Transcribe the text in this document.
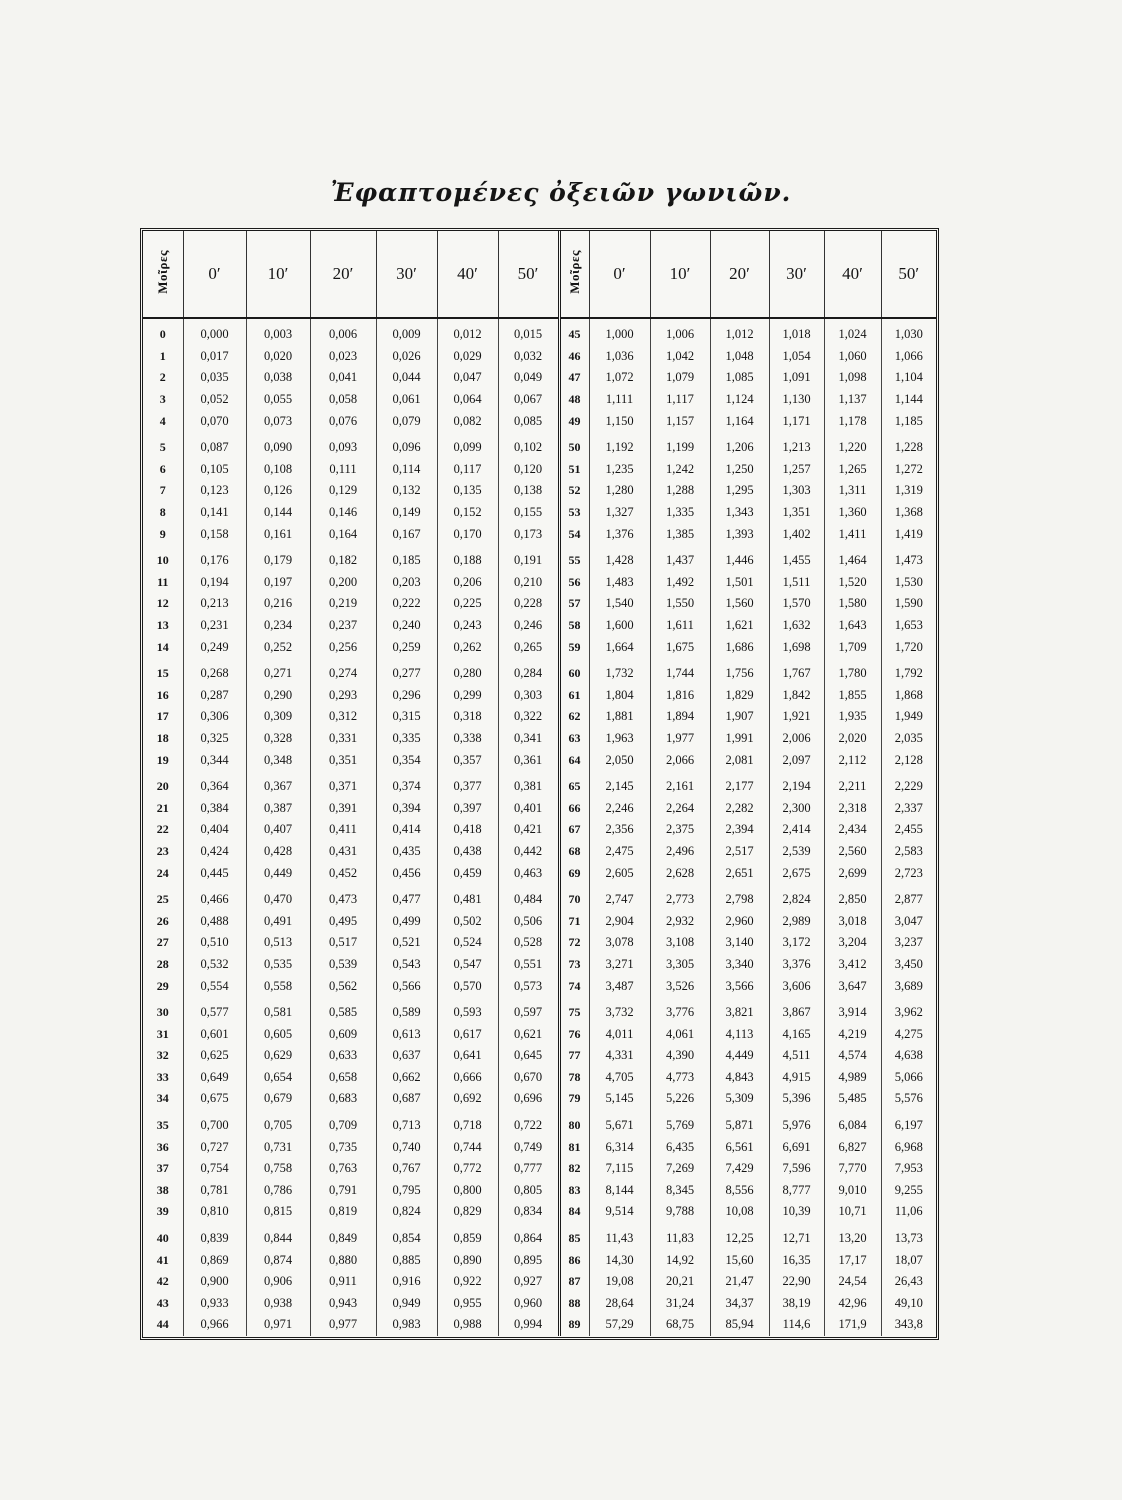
Ἐφαπτομένες ὀξειῶν γωνιῶν.
Μοῖρες	0′	10′	20′	30′	40′	50′	Μοῖρες	0′	10′	20′	30′	40′	50′
0	0,000	0,003	0,006	0,009	0,012	0,015	45	1,000	1,006	1,012	1,018	1,024	1,030
1	0,017	0,020	0,023	0,026	0,029	0,032	46	1,036	1,042	1,048	1,054	1,060	1,066
2	0,035	0,038	0,041	0,044	0,047	0,049	47	1,072	1,079	1,085	1,091	1,098	1,104
3	0,052	0,055	0,058	0,061	0,064	0,067	48	1,111	1,117	1,124	1,130	1,137	1,144
4	0,070	0,073	0,076	0,079	0,082	0,085	49	1,150	1,157	1,164	1,171	1,178	1,185
5	0,087	0,090	0,093	0,096	0,099	0,102	50	1,192	1,199	1,206	1,213	1,220	1,228
6	0,105	0,108	0,111	0,114	0,117	0,120	51	1,235	1,242	1,250	1,257	1,265	1,272
7	0,123	0,126	0,129	0,132	0,135	0,138	52	1,280	1,288	1,295	1,303	1,311	1,319
8	0,141	0,144	0,146	0,149	0,152	0,155	53	1,327	1,335	1,343	1,351	1,360	1,368
9	0,158	0,161	0,164	0,167	0,170	0,173	54	1,376	1,385	1,393	1,402	1,411	1,419
10	0,176	0,179	0,182	0,185	0,188	0,191	55	1,428	1,437	1,446	1,455	1,464	1,473
11	0,194	0,197	0,200	0,203	0,206	0,210	56	1,483	1,492	1,501	1,511	1,520	1,530
12	0,213	0,216	0,219	0,222	0,225	0,228	57	1,540	1,550	1,560	1,570	1,580	1,590
13	0,231	0,234	0,237	0,240	0,243	0,246	58	1,600	1,611	1,621	1,632	1,643	1,653
14	0,249	0,252	0,256	0,259	0,262	0,265	59	1,664	1,675	1,686	1,698	1,709	1,720
15	0,268	0,271	0,274	0,277	0,280	0,284	60	1,732	1,744	1,756	1,767	1,780	1,792
16	0,287	0,290	0,293	0,296	0,299	0,303	61	1,804	1,816	1,829	1,842	1,855	1,868
17	0,306	0,309	0,312	0,315	0,318	0,322	62	1,881	1,894	1,907	1,921	1,935	1,949
18	0,325	0,328	0,331	0,335	0,338	0,341	63	1,963	1,977	1,991	2,006	2,020	2,035
19	0,344	0,348	0,351	0,354	0,357	0,361	64	2,050	2,066	2,081	2,097	2,112	2,128
20	0,364	0,367	0,371	0,374	0,377	0,381	65	2,145	2,161	2,177	2,194	2,211	2,229
21	0,384	0,387	0,391	0,394	0,397	0,401	66	2,246	2,264	2,282	2,300	2,318	2,337
22	0,404	0,407	0,411	0,414	0,418	0,421	67	2,356	2,375	2,394	2,414	2,434	2,455
23	0,424	0,428	0,431	0,435	0,438	0,442	68	2,475	2,496	2,517	2,539	2,560	2,583
24	0,445	0,449	0,452	0,456	0,459	0,463	69	2,605	2,628	2,651	2,675	2,699	2,723
25	0,466	0,470	0,473	0,477	0,481	0,484	70	2,747	2,773	2,798	2,824	2,850	2,877
26	0,488	0,491	0,495	0,499	0,502	0,506	71	2,904	2,932	2,960	2,989	3,018	3,047
27	0,510	0,513	0,517	0,521	0,524	0,528	72	3,078	3,108	3,140	3,172	3,204	3,237
28	0,532	0,535	0,539	0,543	0,547	0,551	73	3,271	3,305	3,340	3,376	3,412	3,450
29	0,554	0,558	0,562	0,566	0,570	0,573	74	3,487	3,526	3,566	3,606	3,647	3,689
30	0,577	0,581	0,585	0,589	0,593	0,597	75	3,732	3,776	3,821	3,867	3,914	3,962
31	0,601	0,605	0,609	0,613	0,617	0,621	76	4,011	4,061	4,113	4,165	4,219	4,275
32	0,625	0,629	0,633	0,637	0,641	0,645	77	4,331	4,390	4,449	4,511	4,574	4,638
33	0,649	0,654	0,658	0,662	0,666	0,670	78	4,705	4,773	4,843	4,915	4,989	5,066
34	0,675	0,679	0,683	0,687	0,692	0,696	79	5,145	5,226	5,309	5,396	5,485	5,576
35	0,700	0,705	0,709	0,713	0,718	0,722	80	5,671	5,769	5,871	5,976	6,084	6,197
36	0,727	0,731	0,735	0,740	0,744	0,749	81	6,314	6,435	6,561	6,691	6,827	6,968
37	0,754	0,758	0,763	0,767	0,772	0,777	82	7,115	7,269	7,429	7,596	7,770	7,953
38	0,781	0,786	0,791	0,795	0,800	0,805	83	8,144	8,345	8,556	8,777	9,010	9,255
39	0,810	0,815	0,819	0,824	0,829	0,834	84	9,514	9,788	10,08	10,39	10,71	11,06
40	0,839	0,844	0,849	0,854	0,859	0,864	85	11,43	11,83	12,25	12,71	13,20	13,73
41	0,869	0,874	0,880	0,885	0,890	0,895	86	14,30	14,92	15,60	16,35	17,17	18,07
42	0,900	0,906	0,911	0,916	0,922	0,927	87	19,08	20,21	21,47	22,90	24,54	26,43
43	0,933	0,938	0,943	0,949	0,955	0,960	88	28,64	31,24	34,37	38,19	42,96	49,10
44	0,966	0,971	0,977	0,983	0,988	0,994	89	57,29	68,75	85,94	114,6	171,9	343,8
